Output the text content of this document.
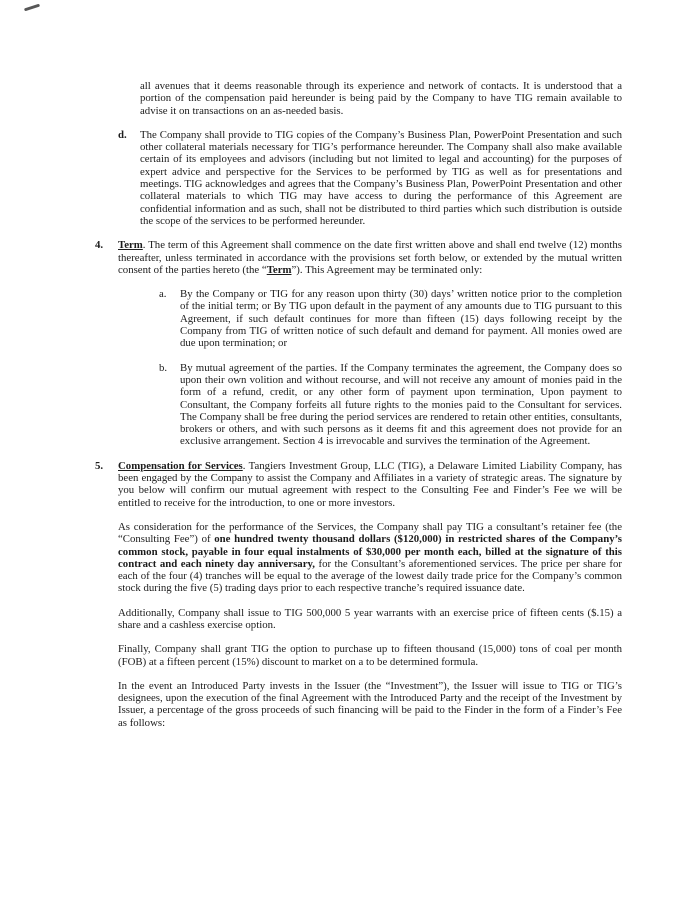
all avenues that it deems reasonable through its experience and network of contacts. It is understood that a portion of the compensation paid hereunder is being paid by the Company to have TIG remain available to advise it on transactions on an as-needed basis.
d. The Company shall provide to TIG copies of the Company’s Business Plan, PowerPoint Presentation and such other collateral materials necessary for TIG’s performance hereunder. The Company shall also make available certain of its employees and advisors (including but not limited to legal and accounting) for the purposes of expert advice and perspective for the Services to be performed by TIG as well as for presentations and meetings. TIG acknowledges and agrees that the Company’s Business Plan, PowerPoint Presentation and other collateral materials to which TIG may have access to during the performance of this Agreement are confidential information and as such, shall not be distributed to third parties which such distribution is outside the scope of the services to be performed hereunder.
4. Term. The term of this Agreement shall commence on the date first written above and shall end twelve (12) months thereafter, unless terminated in accordance with the provisions set forth below, or extended by the mutual written consent of the parties hereto (the “Term”). This Agreement may be terminated only:
a. By the Company or TIG for any reason upon thirty (30) days’ written notice prior to the completion of the initial term; or By TIG upon default in the payment of any amounts due to TIG pursuant to this Agreement, if such default continues for more than fifteen (15) days following receipt by the Company from TIG of written notice of such default and demand for payment. All monies owed are due upon termination; or
b. By mutual agreement of the parties. If the Company terminates the agreement, the Company does so upon their own volition and without recourse, and will not receive any amount of monies paid in the form of a refund, credit, or any other form of payment upon termination, Upon payment to Consultant, the Company forfeits all future rights to the monies paid to the Consultant for services. The Company shall be free during the period services are rendered to retain other entities, consultants, brokers or others, and with such persons as it deems fit and this agreement does not provide for an exclusive arrangement. Section 4 is irrevocable and survives the termination of the Agreement.
5. Compensation for Services. Tangiers Investment Group, LLC (TIG), a Delaware Limited Liability Company, has been engaged by the Company to assist the Company and Affiliates in a variety of strategic areas. The signature by you below will confirm our mutual agreement with respect to the Consulting Fee and Finder’s Fee we will be entitled to receive for the introduction, to one or more investors.
As consideration for the performance of the Services, the Company shall pay TIG a consultant’s retainer fee (the “Consulting Fee”) of one hundred twenty thousand dollars ($120,000) in restricted shares of the Company’s common stock, payable in four equal instalments of $30,000 per month each, billed at the signature of this contract and each ninety day anniversary, for the Consultant’s aforementioned services. The price per share for each of the four (4) tranches will be equal to the average of the lowest daily trade price for the Company’s common stock during the five (5) trading days prior to each respective tranche’s required issuance date.
Additionally, Company shall issue to TIG 500,000 5 year warrants with an exercise price of fifteen cents ($.15) a share and a cashless exercise option.
Finally, Company shall grant TIG the option to purchase up to fifteen thousand (15,000) tons of coal per month (FOB) at a fifteen percent (15%) discount to market on a to be determined formula.
In the event an Introduced Party invests in the Issuer (the “Investment”), the Issuer will issue to TIG or TIG’s designees, upon the execution of the final Agreement with the Introduced Party and the receipt of the Investment by Issuer, a percentage of the gross proceeds of such financing will be paid to the Finder in the form of a Finder’s Fee as follows:
